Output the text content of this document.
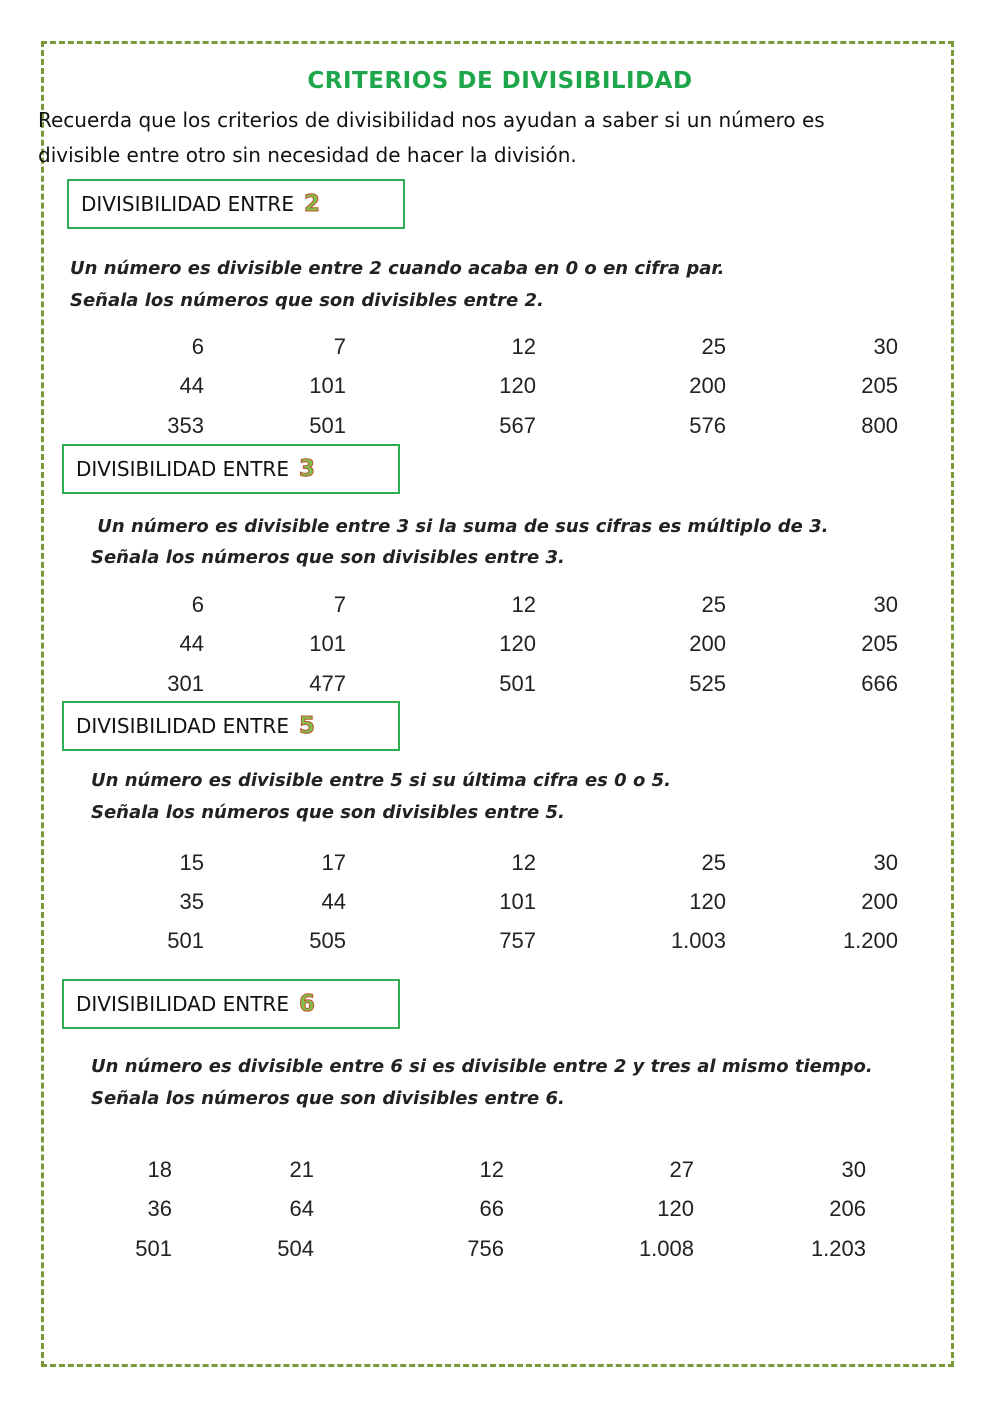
CRITERIOS DE DIVISIBILIDAD
Recuerda que los criterios de divisibilidad nos ayudan a saber si un número es
divisible entre otro sin necesidad de hacer la división.
DIVISIBILIDAD ENTRE 2
Un número es divisible entre 2 cuando acaba en 0 o en cifra par.
Señala los números que son divisibles entre 2.
6	7	12	25	30
44	101	120	200	205
353	501	567	576	800
DIVISIBILIDAD ENTRE 3
Un número es divisible entre 3 si la suma de sus cifras es múltiplo de 3.
Señala los números que son divisibles entre 3.
6	7	12	25	30
44	101	120	200	205
301	477	501	525	666
DIVISIBILIDAD ENTRE 5
Un número es divisible entre 5 si su última cifra es 0 o 5.
Señala los números que son divisibles entre 5.
15	17	12	25	30
35	44	101	120	200
501	505	757	1.003	1.200
DIVISIBILIDAD ENTRE 6
Un número es divisible entre 6 si es divisible entre 2 y tres al mismo tiempo.
Señala los números que son divisibles entre 6.
18	21	12	27	30
36	64	66	120	206
501	504	756	1.008	1.203
